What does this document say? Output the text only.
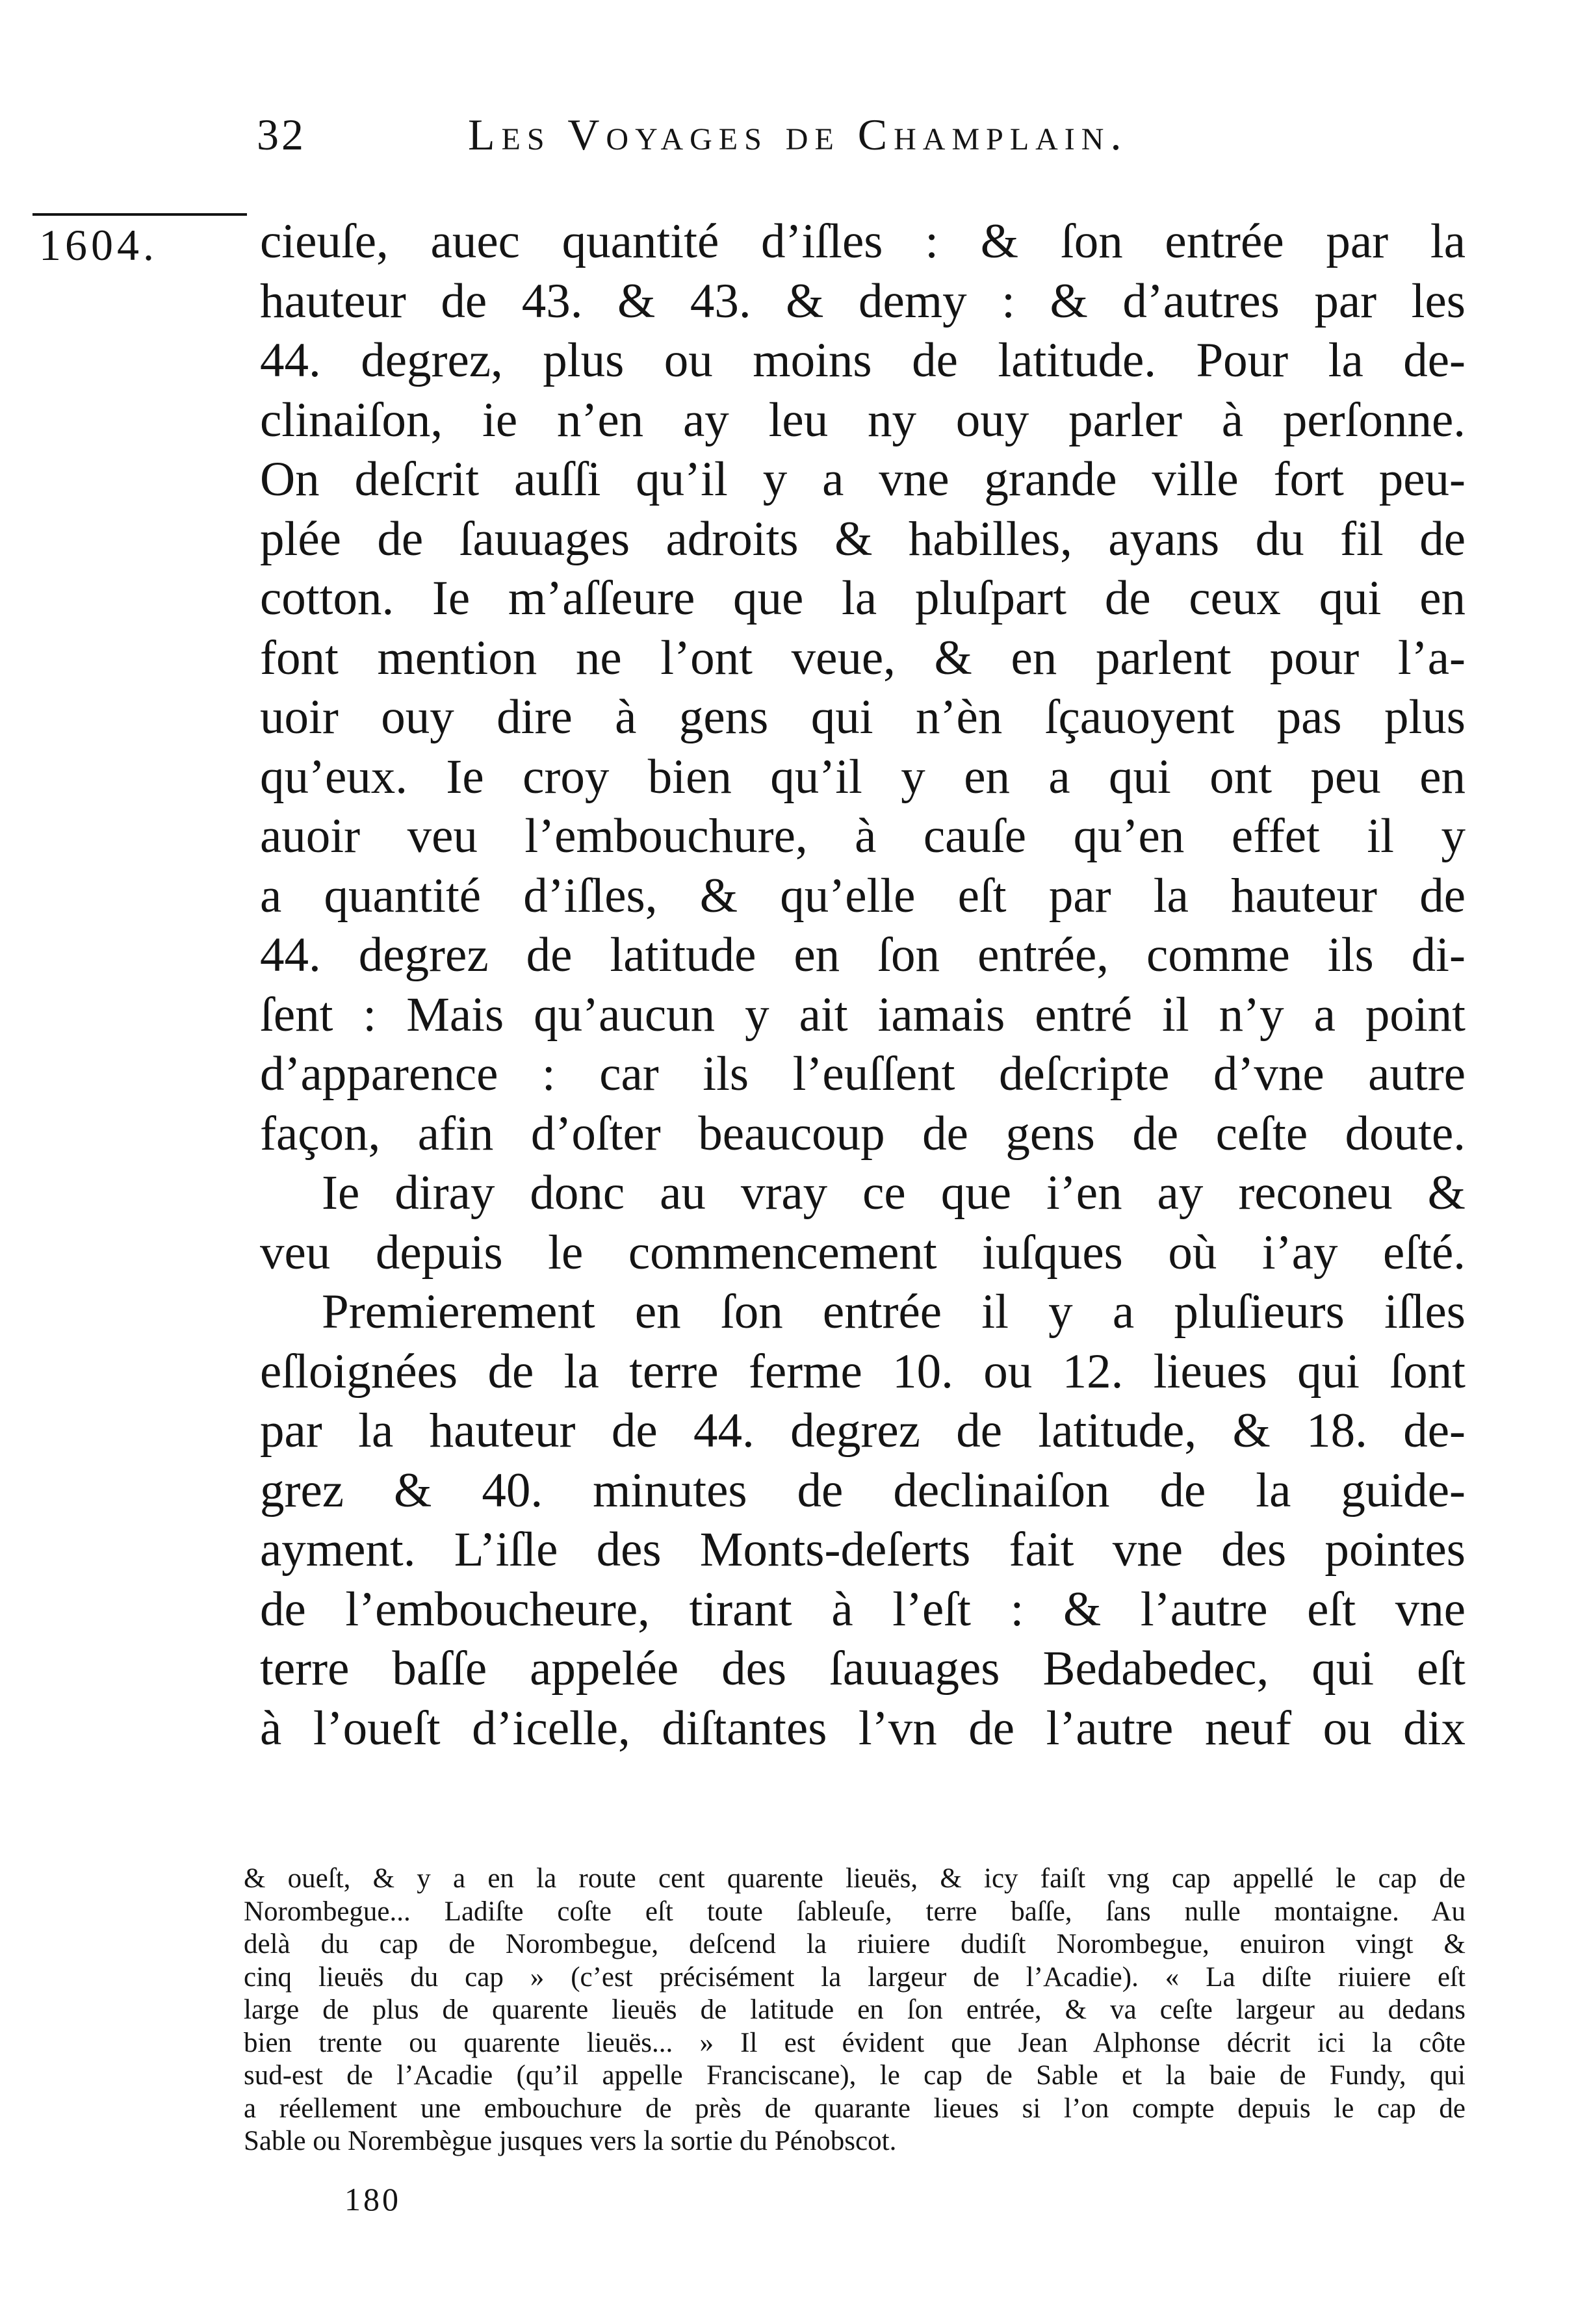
32	Les Voyages de Champlain.
1604. cieuſe, auec quantité d’iſles : & ſon entrée par la
hauteur de 43. & 43. & demy : & d’autres par les
44. degrez, plus ou moins de latitude. Pour la de-
clinaiſon, ie n’en ay leu ny ouy parler à perſonne.
On deſcrit auſſi qu’il y a vne grande ville fort peu-
plée de ſauuages adroits & habilles, ayans du fil de
cotton. Ie m’aſſeure que la pluſpart de ceux qui en
font mention ne l’ont veue, & en parlent pour l’a-
uoir ouy dire à gens qui n’èn ſçauoyent pas plus
qu’eux. Ie croy bien qu’il y en a qui ont peu en
auoir veu l’embouchure, à cauſe qu’en effet il y
a quantité d’iſles, & qu’elle eſt par la hauteur de
44. degrez de latitude en ſon entrée, comme ils di-
ſent : Mais qu’aucun y ait iamais entré il n’y a point
d’apparence : car ils l’euſſent deſcripte d’vne autre
façon, afin d’oſter beaucoup de gens de ceſte doute.
Ie diray donc au vray ce que i’en ay reconeu &
veu depuis le commencement iuſques où i’ay eſté.
Premierement en ſon entrée il y a pluſieurs iſles
eſloignées de la terre ferme 10. ou 12. lieues qui ſont
par la hauteur de 44. degrez de latitude, & 18. de-
grez & 40. minutes de declinaiſon de la guide-
ayment. L’iſle des Monts-deſerts fait vne des pointes
de l’emboucheure, tirant à l’eſt : & l’autre eſt vne
terre baſſe appelée des ſauuages Bedabedec, qui eſt
à l’oueſt d’icelle, diſtantes l’vn de l’autre neuf ou dix
& oueſt, & y a en la route cent quarente lieuës, & icy faiſt vng cap appellé le cap de
Norombegue... Ladiſte coſte eſt toute ſableuſe, terre baſſe, ſans nulle montaigne. Au
delà du cap de Norombegue, deſcend la riuiere dudiſt Norombegue, enuiron vingt &
cinq lieuës du cap » (c’est précisément la largeur de l’Acadie). « La diſte riuiere eſt
large de plus de quarente lieuës de latitude en ſon entrée, & va ceſte largeur au dedans
bien trente ou quarente lieuës... » Il est évident que Jean Alphonse décrit ici la côte
sud-est de l’Acadie (qu’il appelle Franciscane), le cap de Sable et la baie de Fundy, qui
a réellement une embouchure de près de quarante lieues si l’on compte depuis le cap de
Sable ou Norembègue jusques vers la sortie du Pénobscot.
180
